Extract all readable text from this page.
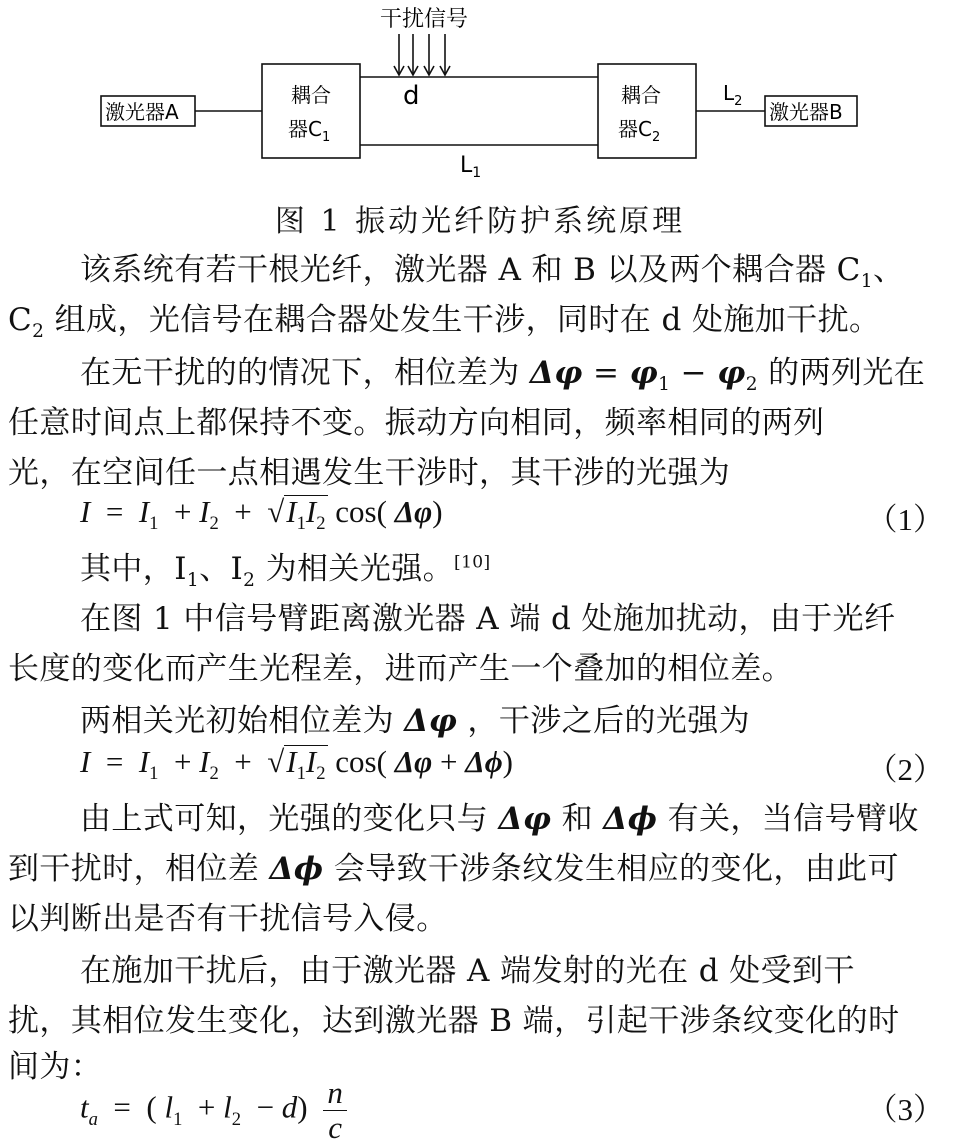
干扰信号
激光器A
耦合
器$C_1$
d
$L_1$
耦合
器$C_2$
$L_2$ 激光器B
图 1 振动光纤防护系统原理
该系统有若干根光纤，激光器 A 和 B 以及两个耦合器 $C_1$、
$C_2$ 组成，光信号在耦合器处发生干涉，同时在 d 处施加干扰。
在无干扰的的情况下，相位差为 $\Delta\varphi = \varphi_1 - \varphi_2$ 的两列光在
任意时间点上都保持不变。振动方向相同，频率相同的两列
光，在空间任一点相遇发生干涉时，其干涉的光强为
$I = I_1 + I_2 + √I_1I_2$ cos( Δφ)	（1）
其中，$I_1$、$I_2$ 为相关光强。[10]
在图 1 中信号臂距离激光器 A 端 d 处施加扰动，由于光纤
长度的变化而产生光程差，进而产生一个叠加的相位差。
两相关光初始相位差为 Δφ ，干涉之后的光强为
$I = I_1 + I_2 + √I_1I_2$ cos( Δφ + Δϕ)	（2）
由上式可知，光强的变化只与 Δφ 和 Δϕ 有关，当信号臂收
到干扰时，相位差 Δϕ 会导致干涉条纹发生相应的变化，由此可
以判断出是否有干扰信号入侵。
在施加干扰后，由于激光器 A 端发射的光在 d 处受到干
扰，其相位发生变化，达到激光器 B 端，引起干涉条纹变化的时
间为：
$t_a$  =  ( $l_1 + l_2 - d) \frac{n}{c}$	（3）
